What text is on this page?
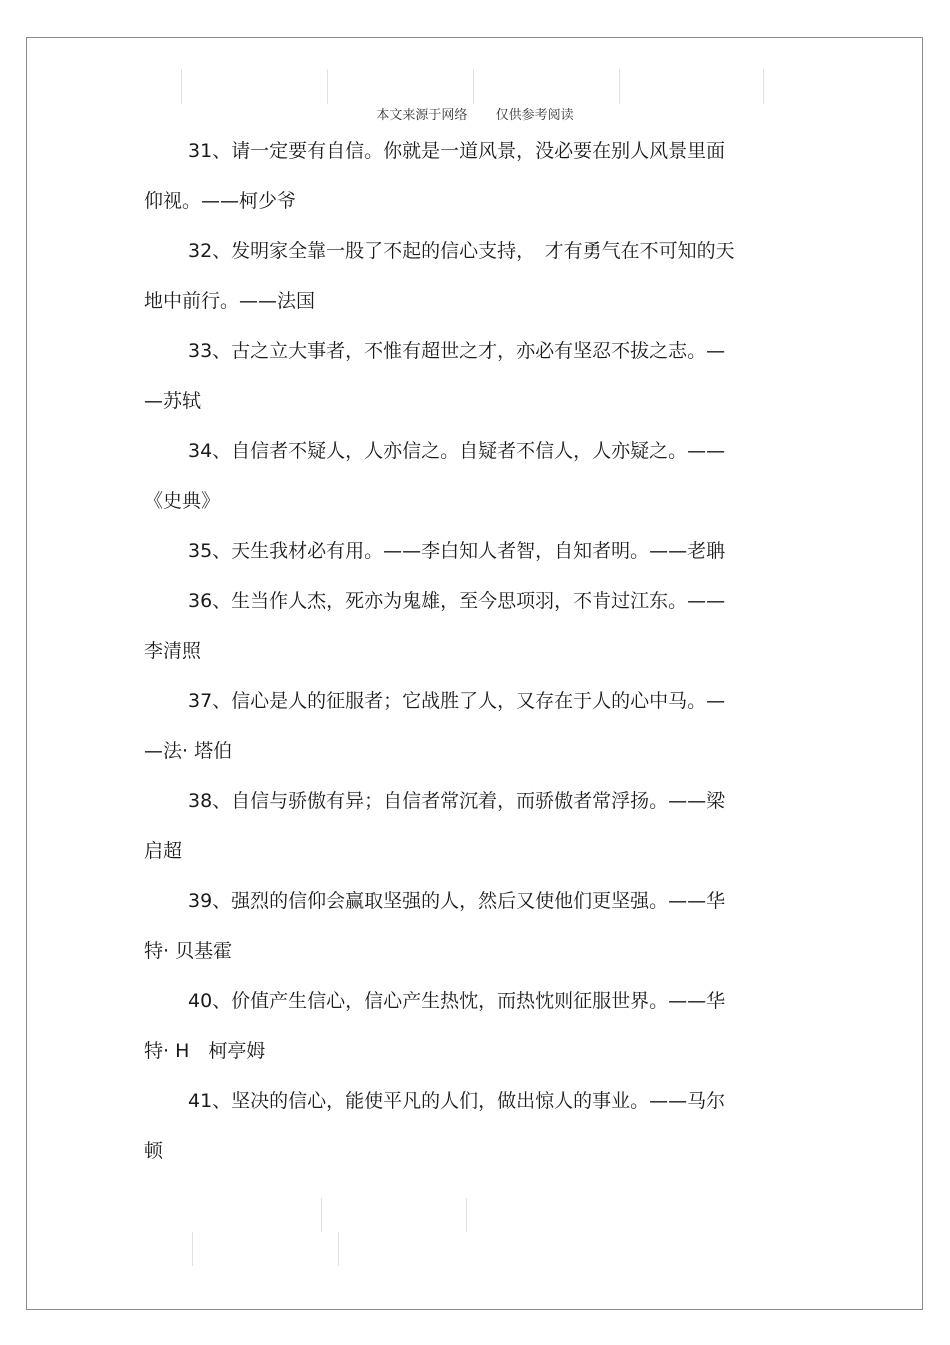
本文来源于网络 仅供参考阅读
31、请一定要有自信。你就是一道风景，没必要在别人风景里面
仰视。——柯少爷
32、发明家全靠一股了不起的信心支持，　才有勇气在不可知的天
地中前行。——法国
33、古之立大事者，不惟有超世之才，亦必有坚忍不拔之志。—
—苏轼
34、自信者不疑人，人亦信之。自疑者不信人，人亦疑之。——
《史典》
35、天生我材必有用。——李白知人者智，自知者明。——老聃
36、生当作人杰，死亦为鬼雄，至今思项羽，不肯过江东。——
李清照
37、信心是人的征服者；它战胜了人，又存在于人的心中马。—
—法· 塔伯
38、自信与骄傲有异；自信者常沉着，而骄傲者常浮扬。——梁
启超
39、强烈的信仰会赢取坚强的人，然后又使他们更坚强。——华
特· 贝基霍
40、价值产生信心，信心产生热忱，而热忱则征服世界。——华
特· H　柯亭姆
41、坚决的信心，能使平凡的人们，做出惊人的事业。——马尔
顿
